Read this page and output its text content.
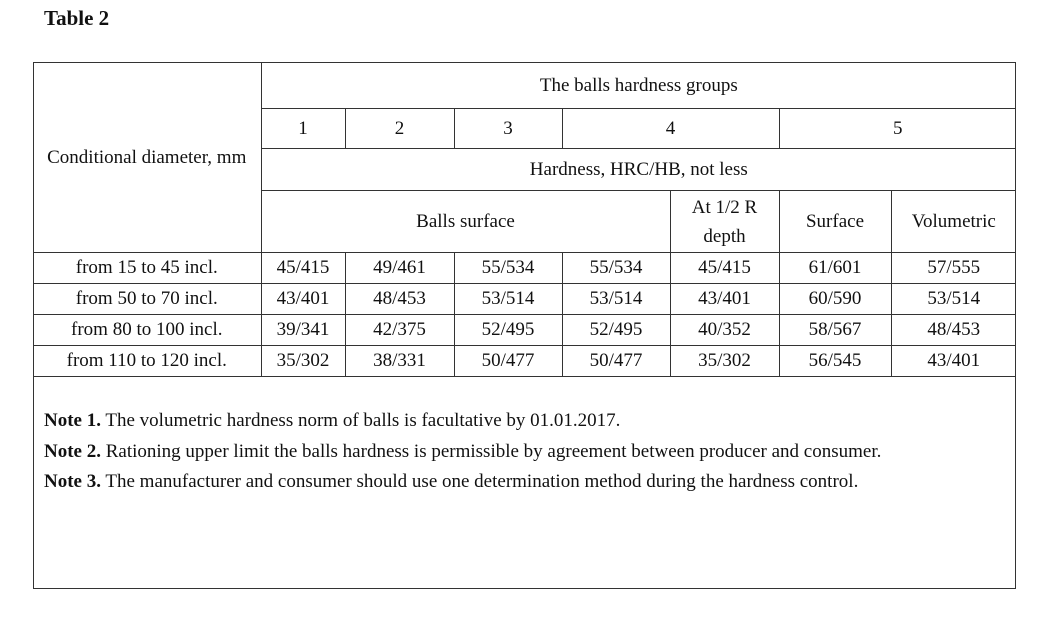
Table 2
Conditional diameter, mm	The balls hardness groups						
	1	2	3	4		5	
	Hardness, HRC/HB, not less						
	Balls surface				At 1/2 R depth	Surface	Volumetric
from 15 to 45 incl.	45/415	49/461	55/534	55/534	45/415	61/601	57/555
from 50 to 70 incl.	43/401	48/453	53/514	53/514	43/401	60/590	53/514
from 80 to 100 incl.	39/341	42/375	52/495	52/495	40/352	58/567	48/453
from 110 to 120 incl.	35/302	38/331	50/477	50/477	35/302	56/545	43/401

Note 1. The volumetric hardness norm of balls is facultative by 01.01.2017.

Note 2. Rationing upper limit the balls hardness is permissible by agreement between producer and consumer.

Note 3. The manufacturer and consumer should use one determination method during the hardness control.
